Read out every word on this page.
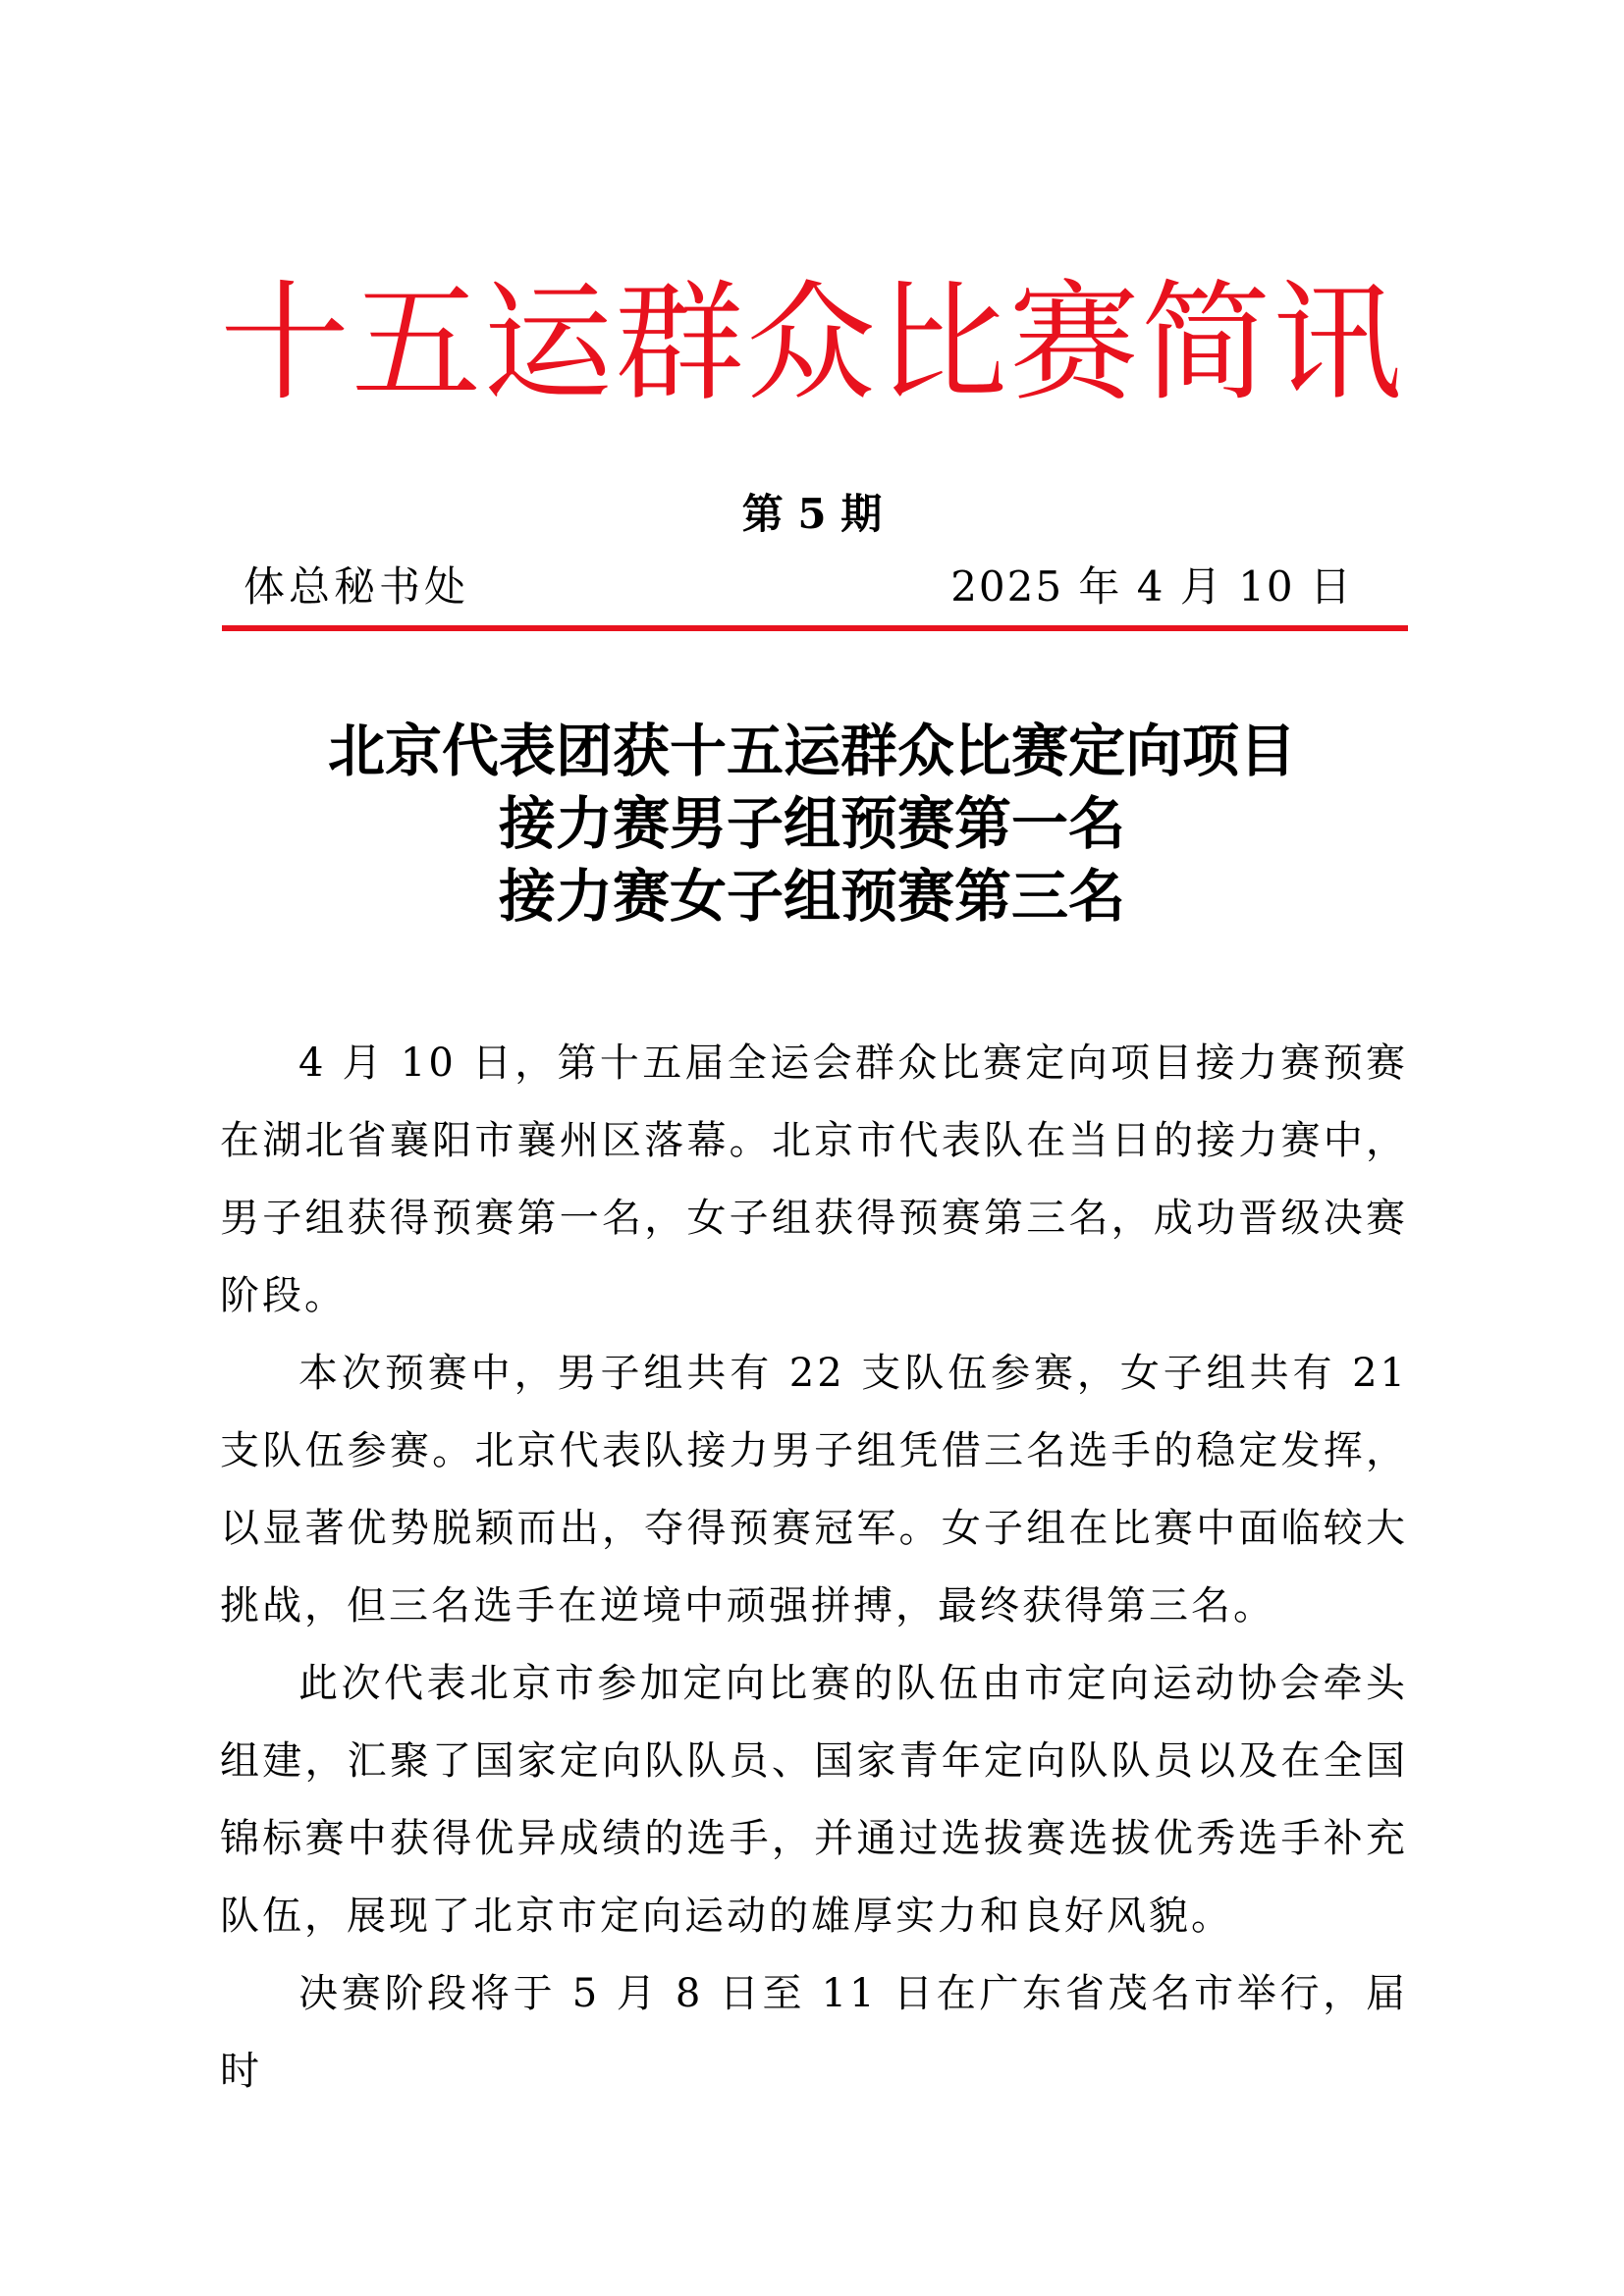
十五运群众比赛简讯
第 5 期
体总秘书处	2025 年 4 月 10 日
北京代表团获十五运群众比赛定向项目
接力赛男子组预赛第一名
接力赛女子组预赛第三名

4 月 10 日，第十五届全运会群众比赛定向项目接力赛预赛在湖北省襄阳市襄州区落幕。北京市代表队在当日的接力赛中，男子组获得预赛第一名，女子组获得预赛第三名，成功晋级决赛阶段。

本次预赛中，男子组共有 22 支队伍参赛，女子组共有 21 支队伍参赛。北京代表队接力男子组凭借三名选手的稳定发挥，以显著优势脱颖而出，夺得预赛冠军。女子组在比赛中面临较大挑战，但三名选手在逆境中顽强拼搏，最终获得第三名。

此次代表北京市参加定向比赛的队伍由市定向运动协会牵头组建，汇聚了国家定向队队员、国家青年定向队队员以及在全国锦标赛中获得优异成绩的选手，并通过选拔赛选拔优秀选手补充队伍，展现了北京市定向运动的雄厚实力和良好风貌。

决赛阶段将于 5 月 8 日至 11 日在广东省茂名市举行，届时
